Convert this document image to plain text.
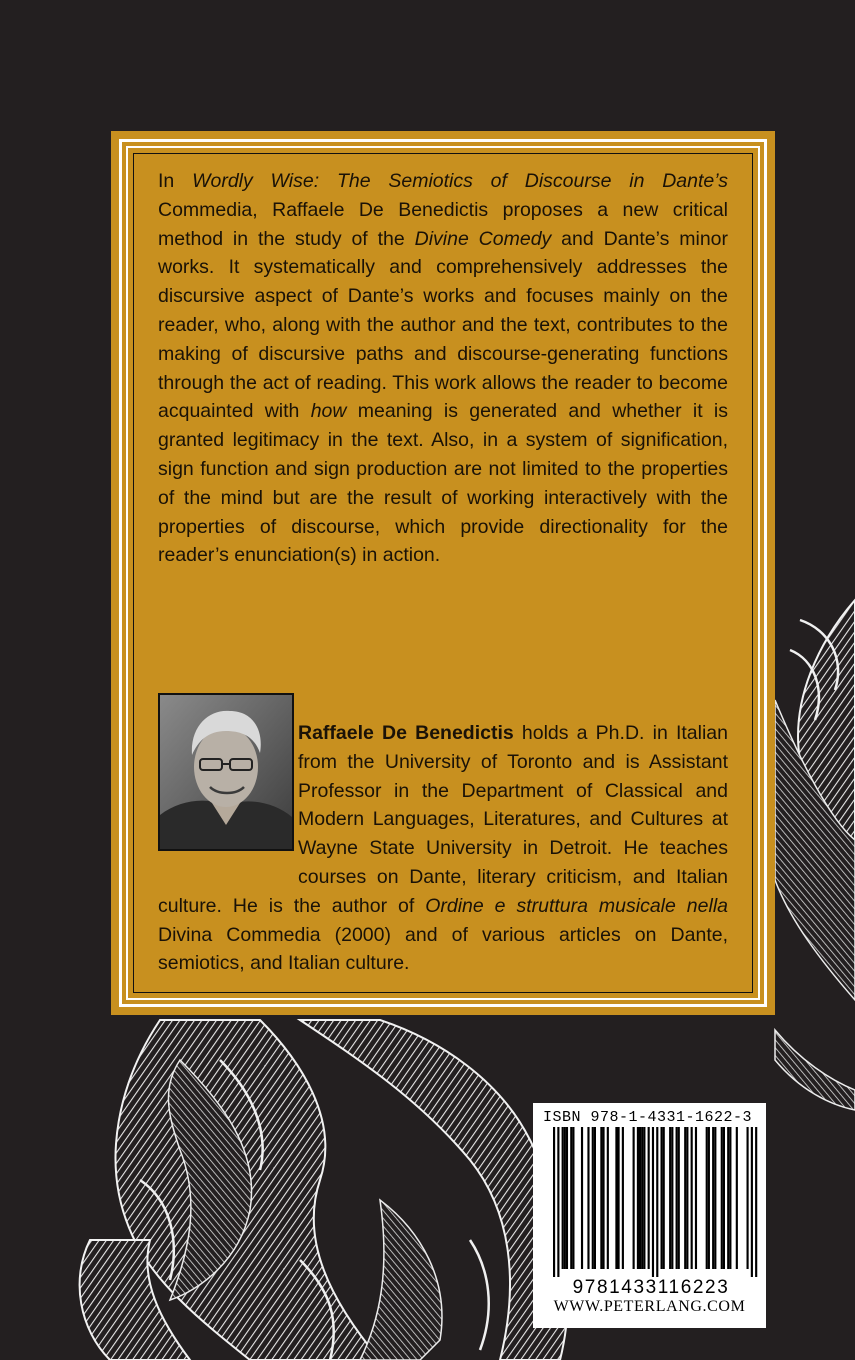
In Wordly Wise: The Semiotics of Discourse in Dante’s Commedia, Raffaele De Benedictis proposes a new critical method in the study of the Divine Comedy and Dante’s minor works. It systematically and comprehensively addresses the discursive aspect of Dante’s works and focuses mainly on the reader, who, along with the author and the text, contributes to the making of discursive paths and discourse-generating functions through the act of reading. This work allows the reader to become acquainted with how meaning is generated and whether it is granted legitimacy in the text. Also, in a system of signification, sign function and sign production are not limited to the properties of the mind but are the result of working interactively with the properties of discourse, which provide directionality for the reader’s enunciation(s) in action.

Raffaele De Benedictis holds a Ph.D. in Italian from the University of Toronto and is Assistant Professor in the Department of Classical and Modern Languages, Literatures, and Cultures at Wayne State University in Detroit. He teaches courses on Dante, literary criticism, and Italian culture. He is the author of Ordine e struttura musicale nella Divina Commedia (2000) and of various articles on Dante, semiotics, and Italian culture.

ISBN 978-1-4331-1622-3
9781433116223
WWW.PETERLANG.COM
